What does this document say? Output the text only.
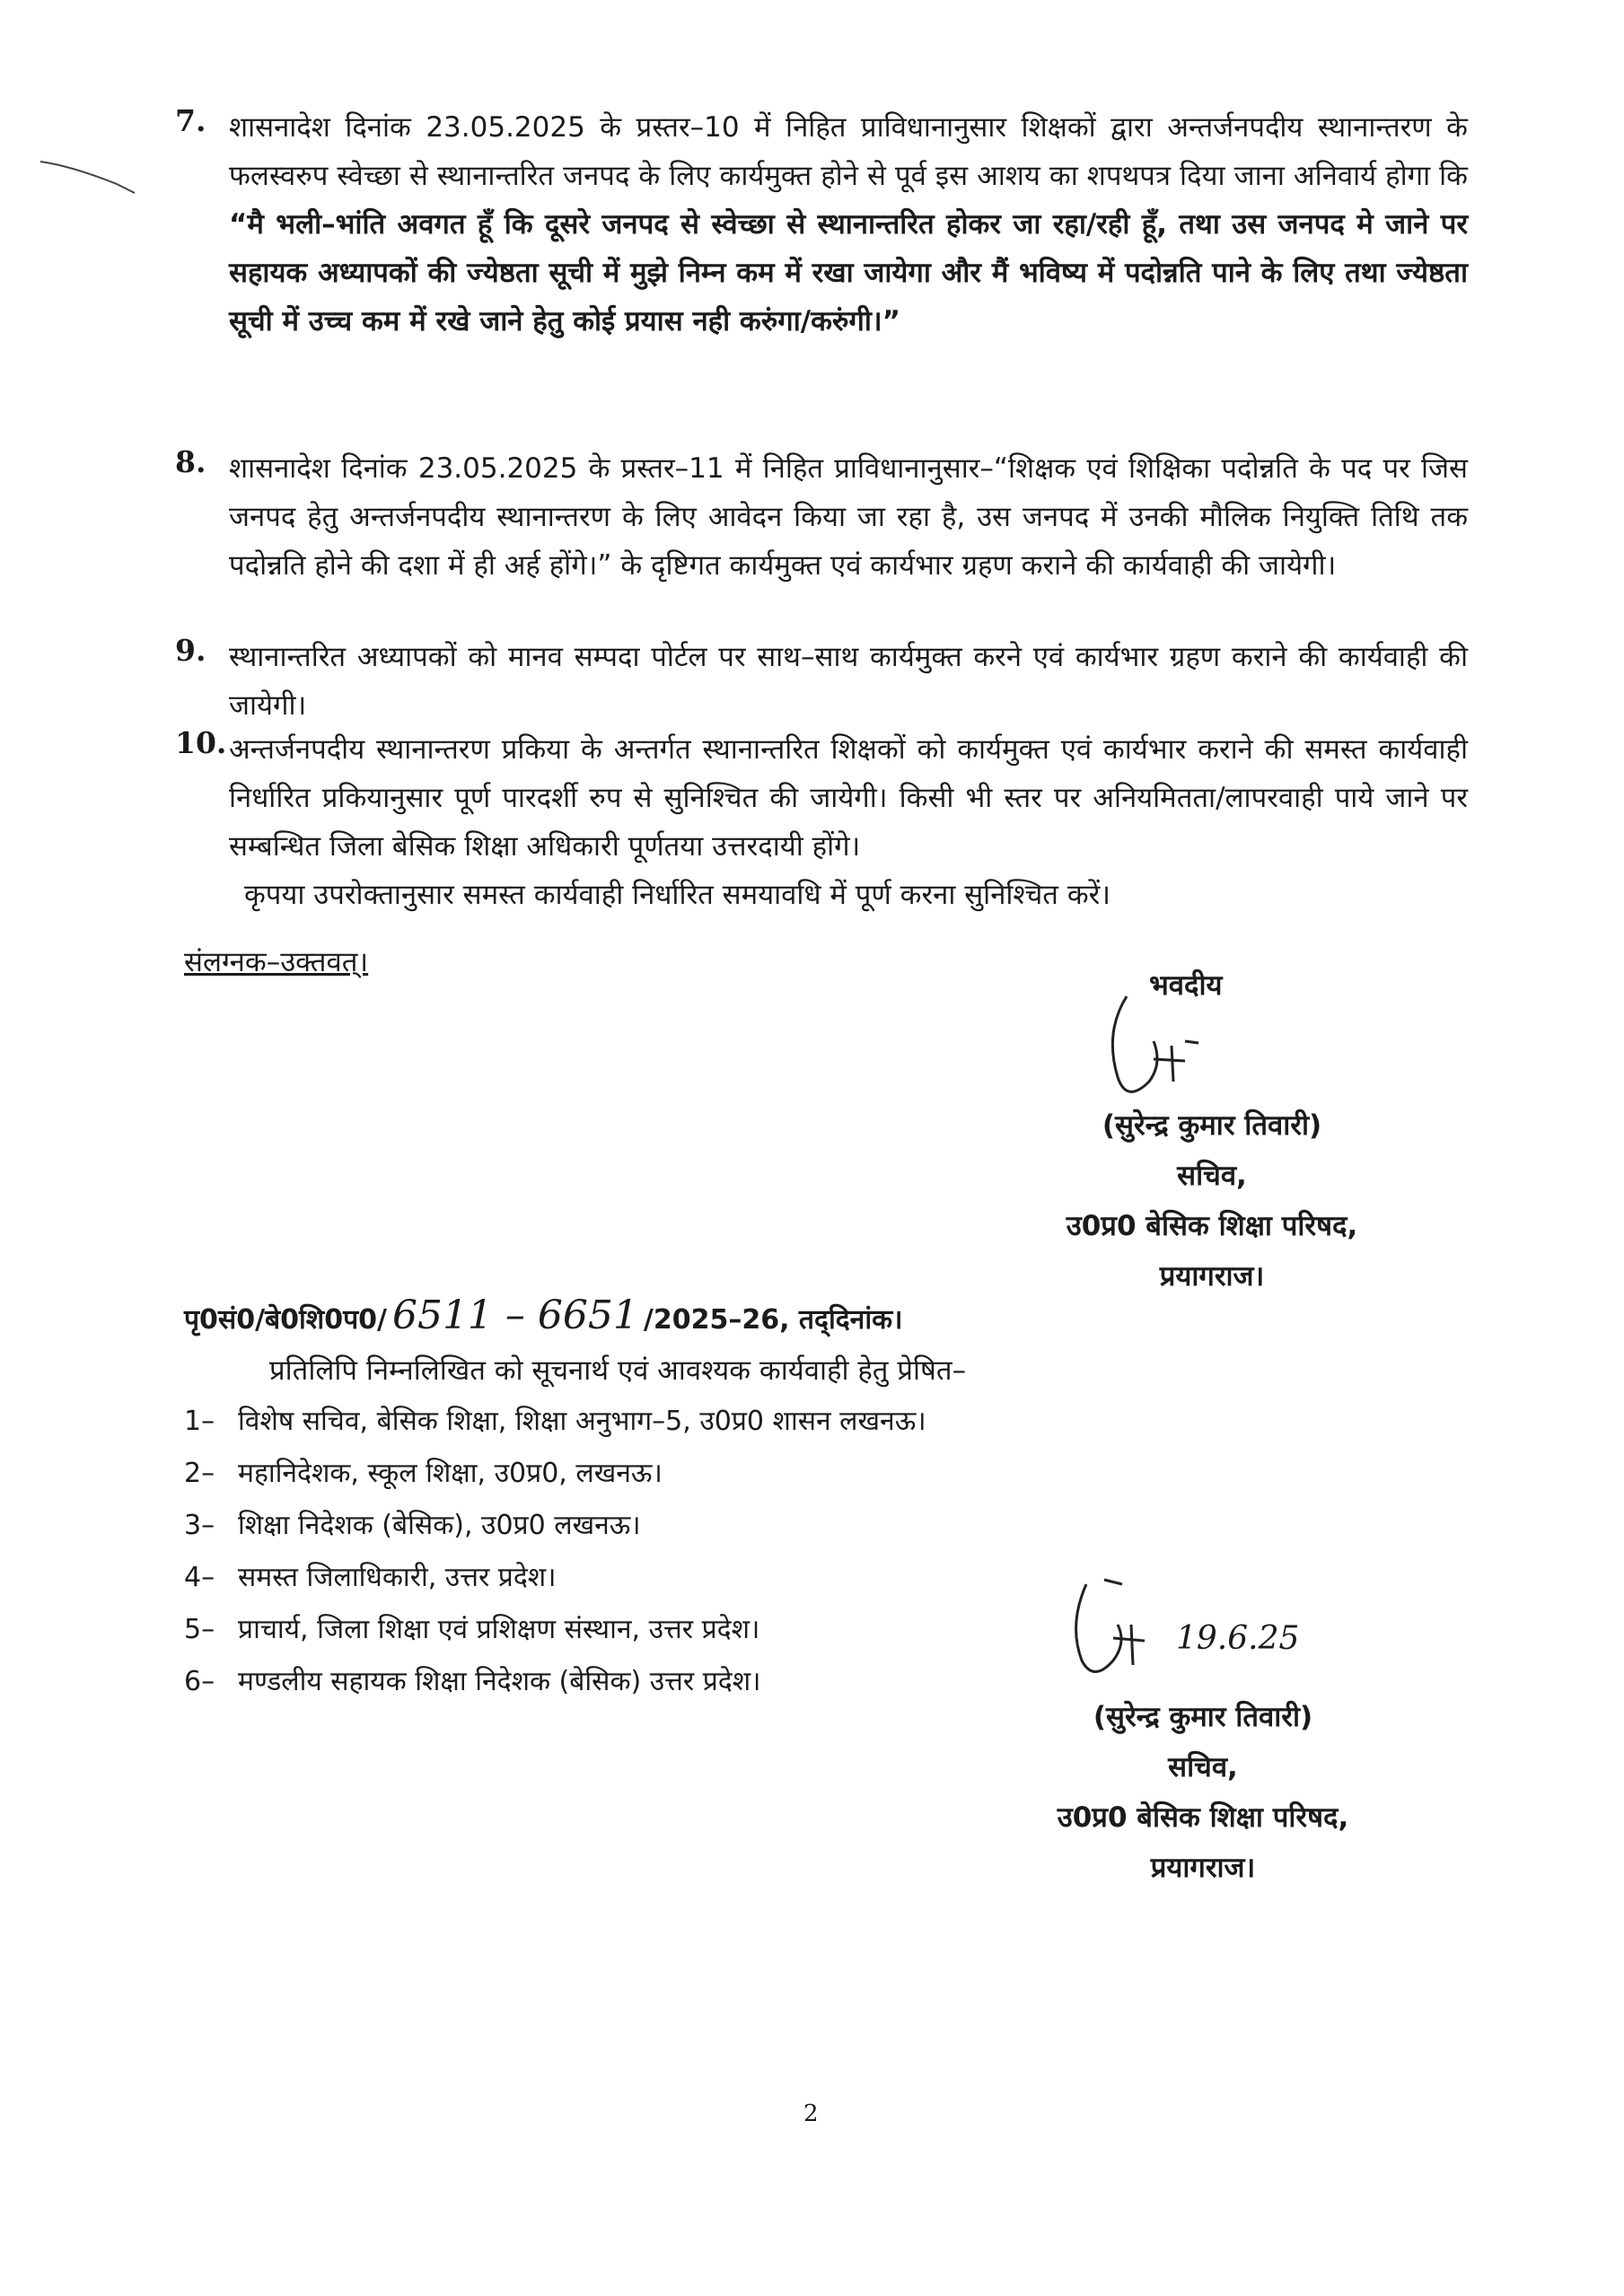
7. शासनादेश दिनांक 23.05.2025 के प्रस्तर–10 में निहित प्राविधानानुसार शिक्षकों द्वारा अन्तर्जनपदीय स्थानान्तरण के फलस्वरुप स्वेच्छा से स्थानान्तरित जनपद के लिए कार्यमुक्त होने से पूर्व इस आशय का शपथपत्र दिया जाना अनिवार्य होगा कि “मै भली–भांति अवगत हूँ कि दूसरे जनपद से स्वेच्छा से स्थानान्तरित होकर जा रहा/रही हूँ, तथा उस जनपद मे जाने पर सहायक अध्यापकों की ज्येष्ठता सूची में मुझे निम्न कम में रखा जायेगा और मैं भविष्य में पदोन्नति पाने के लिए तथा ज्येष्ठता सूची में उच्च कम में रखे जाने हेतु कोई प्रयास नही करुंगा/करुंगी।”
8. शासनादेश दिनांक 23.05.2025 के प्रस्तर–11 में निहित प्राविधानानुसार–“शिक्षक एवं शिक्षिका पदोन्नति के पद पर जिस जनपद हेतु अन्तर्जनपदीय स्थानान्तरण के लिए आवेदन किया जा रहा है, उस जनपद में उनकी मौलिक नियुक्ति तिथि तक पदोन्नति होने की दशा में ही अर्ह होंगे।” के दृष्टिगत कार्यमुक्त एवं कार्यभार ग्रहण कराने की कार्यवाही की जायेगी।
9. स्थानान्तरित अध्यापकों को मानव सम्पदा पोर्टल पर साथ–साथ कार्यमुक्त करने एवं कार्यभार ग्रहण कराने की कार्यवाही की जायेगी।
10. अन्तर्जनपदीय स्थानान्तरण प्रकिया के अन्तर्गत स्थानान्तरित शिक्षकों को कार्यमुक्त एवं कार्यभार कराने की समस्त कार्यवाही निर्धारित प्रकियानुसार पूर्ण पारदर्शी रुप से सुनिश्चित की जायेगी। किसी भी स्तर पर अनियमितता/लापरवाही पाये जाने पर सम्बन्धित जिला बेसिक शिक्षा अधिकारी पूर्णतया उत्तरदायी होंगे।
कृपया उपरोक्तानुसार समस्त कार्यवाही निर्धारित समयावधि में पूर्ण करना सुनिश्चित करें।
संलग्नक–उक्तवत्।
भवदीय
(सुरेन्द्र कुमार तिवारी)
सचिव,
उ0प्र0 बेसिक शिक्षा परिषद,
प्रयागराज।
पृ0सं0/बे0शि0प0/ 6511 – 6651 /2025–26, तद्‌दिनांक।
प्रतिलिपि निम्नलिखित को सूचनार्थ एवं आवश्यक कार्यवाही हेतु प्रेषित–
1– विशेष सचिव, बेसिक शिक्षा, शिक्षा अनुभाग–5, उ0प्र0 शासन लखनऊ।
2– महानिदेशक, स्कूल शिक्षा, उ0प्र0, लखनऊ।
3– शिक्षा निदेशक (बेसिक), उ0प्र0 लखनऊ।
4– समस्त जिलाधिकारी, उत्तर प्रदेश।
5– प्राचार्य, जिला शिक्षा एवं प्रशिक्षण संस्थान, उत्तर प्रदेश।
6– मण्डलीय सहायक शिक्षा निदेशक (बेसिक) उत्तर प्रदेश।
19.6.25
(सुरेन्द्र कुमार तिवारी)
सचिव,
उ0प्र0 बेसिक शिक्षा परिषद,
प्रयागराज।
2
